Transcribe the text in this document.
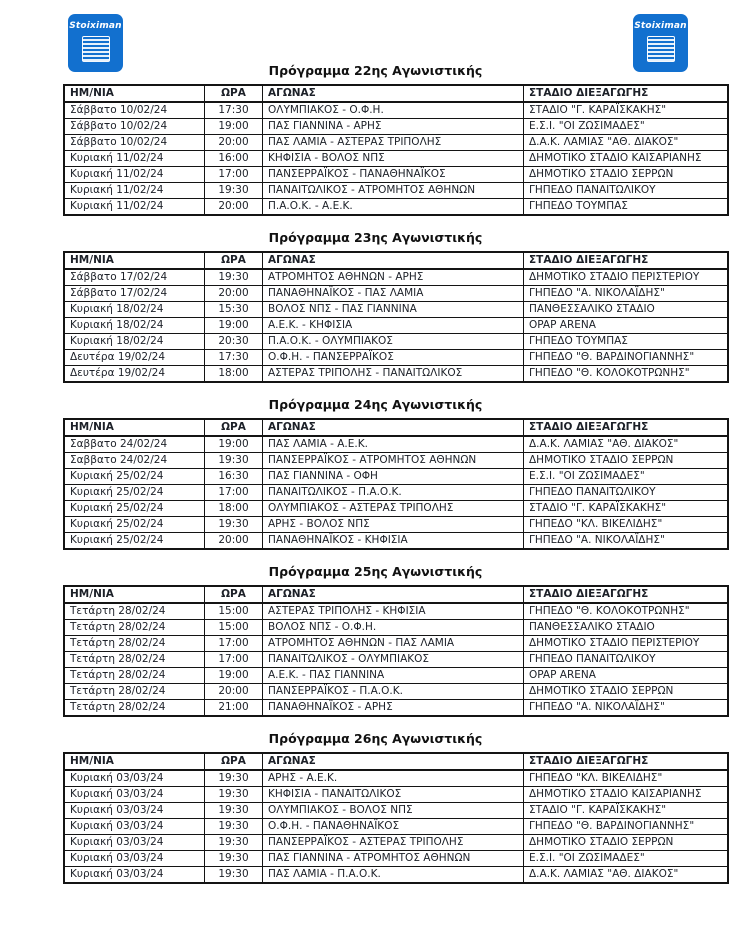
Stoiximan	Stoiximan
Πρόγραμμα 22ης Αγωνιστικής
ΗΜ/ΝΙΑ	ΩΡΑ	ΑΓΩΝΑΣ	ΣΤΑΔΙΟ ΔΙΕΞΑΓΩΓΗΣ
Σάββατο 10/02/24	17:30	ΟΛΥΜΠΙΑΚΟΣ - Ο.Φ.Η.	ΣΤΑΔΙΟ "Γ. ΚΑΡΑΪΣΚΑΚΗΣ"
Σάββατο 10/02/24	19:00	ΠΑΣ ΓΙΑΝΝΙΝΑ - ΑΡΗΣ	Ε.Σ.Ι. "ΟΙ ΖΩΣΙΜΑΔΕΣ"
Σάββατο 10/02/24	20:00	ΠΑΣ ΛΑΜΙΑ - ΑΣΤΕΡΑΣ ΤΡΙΠΟΛΗΣ	Δ.Α.Κ. ΛΑΜΙΑΣ "ΑΘ. ΔΙΑΚΟΣ"
Κυριακή 11/02/24	16:00	ΚΗΦΙΣΙΑ - ΒΟΛΟΣ ΝΠΣ	ΔΗΜΟΤΙΚΟ ΣΤΑΔΙΟ ΚΑΙΣΑΡΙΑΝΗΣ
Κυριακή 11/02/24	17:00	ΠΑΝΣΕΡΡΑΪΚΟΣ - ΠΑΝΑΘΗΝΑΪΚΟΣ	ΔΗΜΟΤΙΚΟ ΣΤΑΔΙΟ ΣΕΡΡΩΝ
Κυριακή 11/02/24	19:30	ΠΑΝΑΙΤΩΛΙΚΟΣ - ΑΤΡΟΜΗΤΟΣ ΑΘΗΝΩΝ	ΓΗΠΕΔΟ ΠΑΝΑΙΤΩΛΙΚΟΥ
Κυριακή 11/02/24	20:00	Π.Α.Ο.Κ. - Α.Ε.Κ.	ΓΗΠΕΔΟ ΤΟΥΜΠΑΣ
Πρόγραμμα 23ης Αγωνιστικής
ΗΜ/ΝΙΑ	ΩΡΑ	ΑΓΩΝΑΣ	ΣΤΑΔΙΟ ΔΙΕΞΑΓΩΓΗΣ
Σάββατο 17/02/24	19:30	ΑΤΡΟΜΗΤΟΣ ΑΘΗΝΩΝ - ΑΡΗΣ	ΔΗΜΟΤΙΚΟ ΣΤΑΔΙΟ ΠΕΡΙΣΤΕΡΙΟΥ
Σάββατο 17/02/24	20:00	ΠΑΝΑΘΗΝΑΪΚΟΣ - ΠΑΣ ΛΑΜΙΑ	ΓΗΠΕΔΟ "Α. ΝΙΚΟΛΑΪΔΗΣ"
Κυριακή 18/02/24	15:30	ΒΟΛΟΣ ΝΠΣ - ΠΑΣ ΓΙΑΝΝΙΝΑ	ΠΑΝΘΕΣΣΑΛΙΚΟ ΣΤΑΔΙΟ
Κυριακή 18/02/24	19:00	Α.Ε.Κ. - ΚΗΦΙΣΙΑ	OPAP ARENA
Κυριακή 18/02/24	20:30	Π.Α.Ο.Κ. - ΟΛΥΜΠΙΑΚΟΣ	ΓΗΠΕΔΟ ΤΟΥΜΠΑΣ
Δευτέρα 19/02/24	17:30	Ο.Φ.Η. - ΠΑΝΣΕΡΡΑΪΚΟΣ	ΓΗΠΕΔΟ "Θ. ΒΑΡΔΙΝΟΓΙΑΝΝΗΣ"
Δευτέρα 19/02/24	18:00	ΑΣΤΕΡΑΣ ΤΡΙΠΟΛΗΣ - ΠΑΝΑΙΤΩΛΙΚΟΣ	ΓΗΠΕΔΟ "Θ. ΚΟΛΟΚΟΤΡΩΝΗΣ"
Πρόγραμμα 24ης Αγωνιστικής
ΗΜ/ΝΙΑ	ΩΡΑ	ΑΓΩΝΑΣ	ΣΤΑΔΙΟ ΔΙΕΞΑΓΩΓΗΣ
Σαββατο 24/02/24	19:00	ΠΑΣ ΛΑΜΙΑ - Α.Ε.Κ.	Δ.Α.Κ. ΛΑΜΙΑΣ "ΑΘ. ΔΙΑΚΟΣ"
Σαββατο 24/02/24	19:30	ΠΑΝΣΕΡΡΑΪΚΟΣ - ΑΤΡΟΜΗΤΟΣ ΑΘΗΝΩΝ	ΔΗΜΟΤΙΚΟ ΣΤΑΔΙΟ ΣΕΡΡΩΝ
Κυριακή 25/02/24	16:30	ΠΑΣ ΓΙΑΝΝΙΝΑ - ΟΦΗ	Ε.Σ.Ι. "ΟΙ ΖΩΣΙΜΑΔΕΣ"
Κυριακή 25/02/24	17:00	ΠΑΝΑΙΤΩΛΙΚΟΣ - Π.Α.Ο.Κ.	ΓΗΠΕΔΟ ΠΑΝΑΙΤΩΛΙΚΟΥ
Κυριακή 25/02/24	18:00	ΟΛΥΜΠΙΑΚΟΣ - ΑΣΤΕΡΑΣ ΤΡΙΠΟΛΗΣ	ΣΤΑΔΙΟ "Γ. ΚΑΡΑΪΣΚΑΚΗΣ"
Κυριακή 25/02/24	19:30	ΑΡΗΣ - ΒΟΛΟΣ ΝΠΣ	ΓΗΠΕΔΟ "ΚΛ. ΒΙΚΕΛΙΔΗΣ"
Κυριακή 25/02/24	20:00	ΠΑΝΑΘΗΝΑΪΚΟΣ - ΚΗΦΙΣΙΑ	ΓΗΠΕΔΟ "Α. ΝΙΚΟΛΑΪΔΗΣ"
Πρόγραμμα 25ης Αγωνιστικής
ΗΜ/ΝΙΑ	ΩΡΑ	ΑΓΩΝΑΣ	ΣΤΑΔΙΟ ΔΙΕΞΑΓΩΓΗΣ
Τετάρτη 28/02/24	15:00	ΑΣΤΕΡΑΣ ΤΡΙΠΟΛΗΣ - ΚΗΦΙΣΙΑ	ΓΗΠΕΔΟ "Θ. ΚΟΛΟΚΟΤΡΩΝΗΣ"
Τετάρτη 28/02/24	15:00	ΒΟΛΟΣ ΝΠΣ - Ο.Φ.Η.	ΠΑΝΘΕΣΣΑΛΙΚΟ ΣΤΑΔΙΟ
Τετάρτη 28/02/24	17:00	ΑΤΡΟΜΗΤΟΣ ΑΘΗΝΩΝ - ΠΑΣ ΛΑΜΙΑ	ΔΗΜΟΤΙΚΟ ΣΤΑΔΙΟ ΠΕΡΙΣΤΕΡΙΟΥ
Τετάρτη 28/02/24	17:00	ΠΑΝΑΙΤΩΛΙΚΟΣ - ΟΛΥΜΠΙΑΚΟΣ	ΓΗΠΕΔΟ ΠΑΝΑΙΤΩΛΙΚΟΥ
Τετάρτη 28/02/24	19:00	Α.Ε.Κ. - ΠΑΣ ΓΙΑΝΝΙΝΑ	OPAP ARENA
Τετάρτη 28/02/24	20:00	ΠΑΝΣΕΡΡΑΪΚΟΣ - Π.Α.Ο.Κ.	ΔΗΜΟΤΙΚΟ ΣΤΑΔΙΟ ΣΕΡΡΩΝ
Τετάρτη 28/02/24	21:00	ΠΑΝΑΘΗΝΑΪΚΟΣ - ΑΡΗΣ	ΓΗΠΕΔΟ "Α. ΝΙΚΟΛΑΪΔΗΣ"
Πρόγραμμα 26ης Αγωνιστικής
ΗΜ/ΝΙΑ	ΩΡΑ	ΑΓΩΝΑΣ	ΣΤΑΔΙΟ ΔΙΕΞΑΓΩΓΗΣ
Κυριακή 03/03/24	19:30	ΑΡΗΣ - Α.Ε.Κ.	ΓΗΠΕΔΟ "ΚΛ. ΒΙΚΕΛΙΔΗΣ"
Κυριακή 03/03/24	19:30	ΚΗΦΙΣΙΑ - ΠΑΝΑΙΤΩΛΙΚΟΣ	ΔΗΜΟΤΙΚΟ ΣΤΑΔΙΟ ΚΑΙΣΑΡΙΑΝΗΣ
Κυριακή 03/03/24	19:30	ΟΛΥΜΠΙΑΚΟΣ - ΒΟΛΟΣ ΝΠΣ	ΣΤΑΔΙΟ "Γ. ΚΑΡΑΪΣΚΑΚΗΣ"
Κυριακή 03/03/24	19:30	Ο.Φ.Η. - ΠΑΝΑΘΗΝΑΪΚΟΣ	ΓΗΠΕΔΟ "Θ. ΒΑΡΔΙΝΟΓΙΑΝΝΗΣ"
Κυριακή 03/03/24	19:30	ΠΑΝΣΕΡΡΑΪΚΟΣ - ΑΣΤΕΡΑΣ ΤΡΙΠΟΛΗΣ	ΔΗΜΟΤΙΚΟ ΣΤΑΔΙΟ ΣΕΡΡΩΝ
Κυριακή 03/03/24	19:30	ΠΑΣ ΓΙΑΝΝΙΝΑ - ΑΤΡΟΜΗΤΟΣ ΑΘΗΝΩΝ	Ε.Σ.Ι. "ΟΙ ΖΩΣΙΜΑΔΕΣ"
Κυριακή 03/03/24	19:30	ΠΑΣ ΛΑΜΙΑ - Π.Α.Ο.Κ.	Δ.Α.Κ. ΛΑΜΙΑΣ "ΑΘ. ΔΙΑΚΟΣ"
